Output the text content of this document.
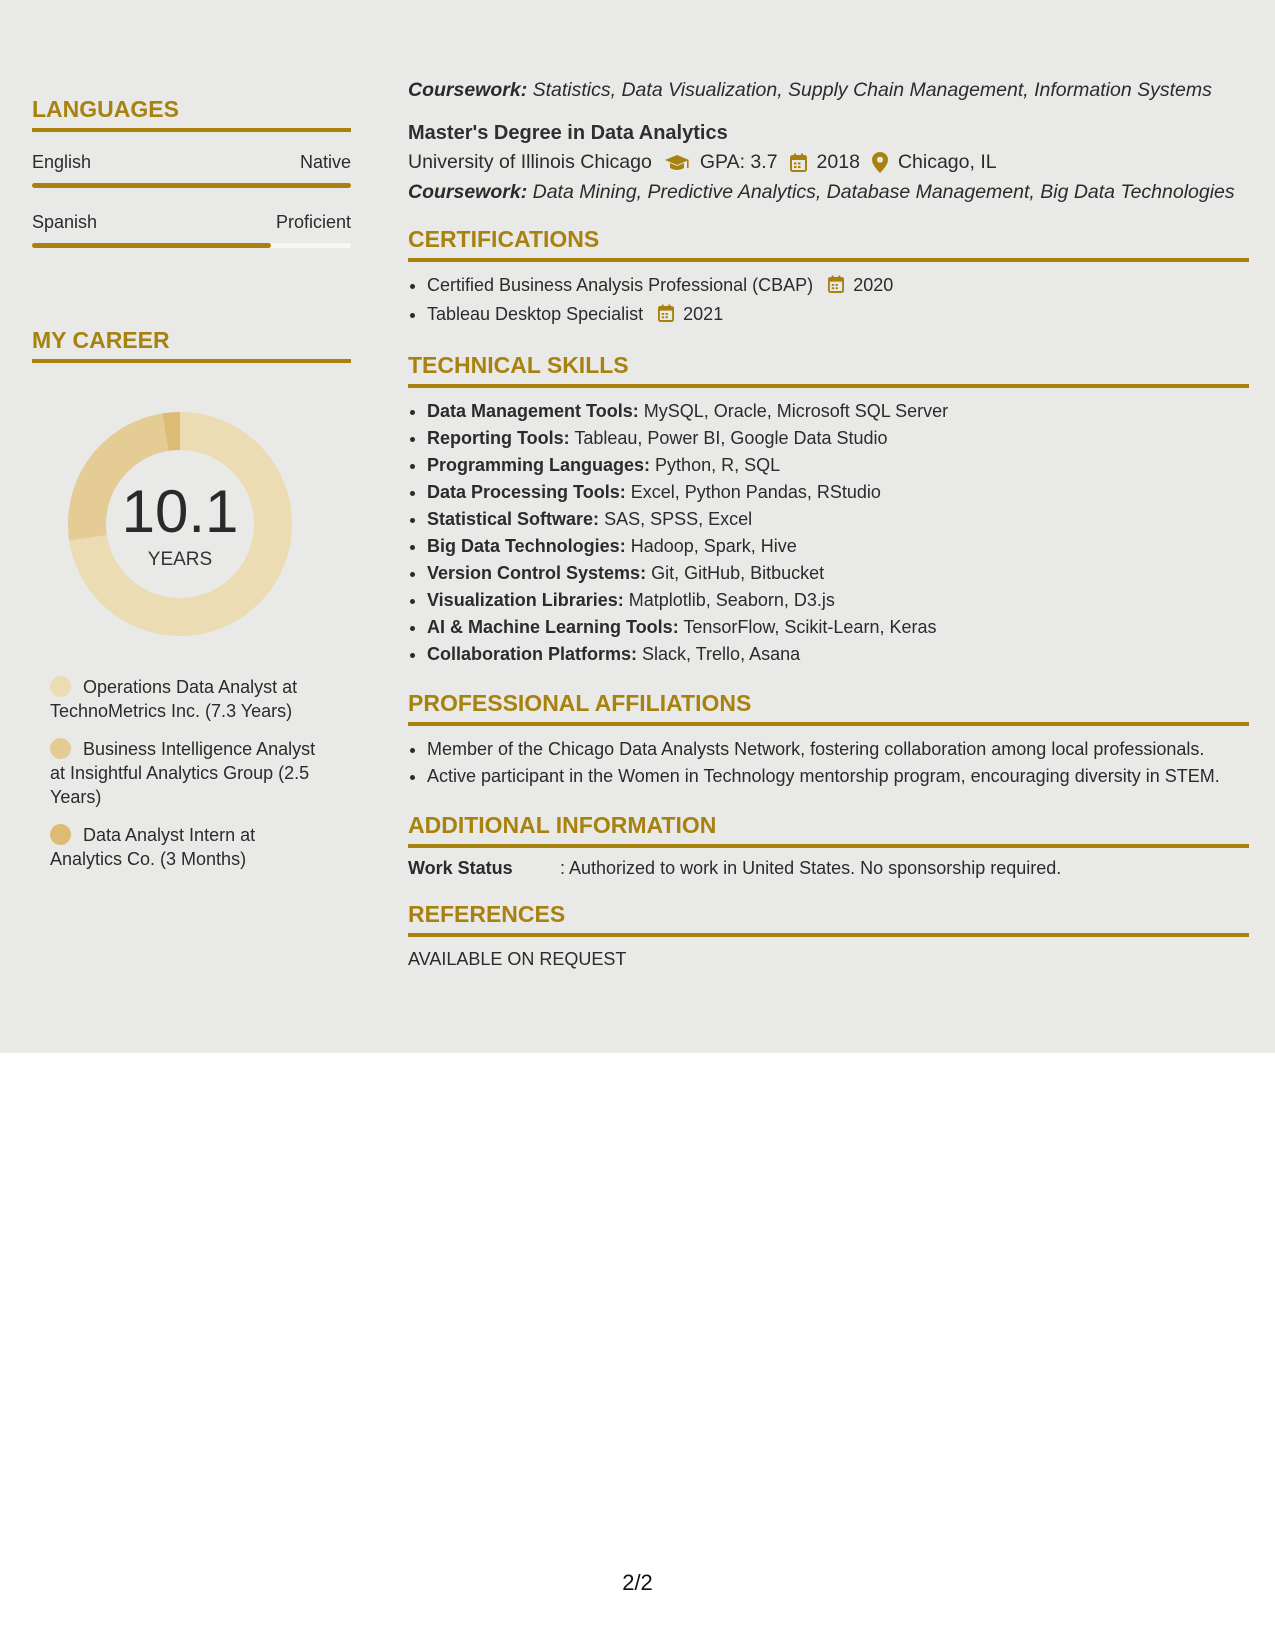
LANGUAGES
English	Native
Spanish	Proficient
MY CAREER
10.1
YEARS
Operations Data Analyst at TechnoMetrics Inc. (7.3 Years)
Business Intelligence Analyst at Insightful Analytics Group (2.5 Years)
Data Analyst Intern at Analytics Co. (3 Months)
Coursework: Statistics, Data Visualization, Supply Chain Management, Information Systems
Master's Degree in Data Analytics
University of Illinois Chicago GPA: 3.7 2018 Chicago, IL
Coursework: Data Mining, Predictive Analytics, Database Management, Big Data Technologies
CERTIFICATIONS
• Certified Business Analysis Professional (CBAP) 2020
• Tableau Desktop Specialist 2021
TECHNICAL SKILLS
• Data Management Tools: MySQL, Oracle, Microsoft SQL Server
• Reporting Tools: Tableau, Power BI, Google Data Studio
• Programming Languages: Python, R, SQL
• Data Processing Tools: Excel, Python Pandas, RStudio
• Statistical Software: SAS, SPSS, Excel
• Big Data Technologies: Hadoop, Spark, Hive
• Version Control Systems: Git, GitHub, Bitbucket
• Visualization Libraries: Matplotlib, Seaborn, D3.js
• AI & Machine Learning Tools: TensorFlow, Scikit-Learn, Keras
• Collaboration Platforms: Slack, Trello, Asana
PROFESSIONAL AFFILIATIONS
• Member of the Chicago Data Analysts Network, fostering collaboration among local professionals.
• Active participant in the Women in Technology mentorship program, encouraging diversity in STEM.
ADDITIONAL INFORMATION
Work Status	: Authorized to work in United States. No sponsorship required.
REFERENCES
AVAILABLE ON REQUEST
2/2
